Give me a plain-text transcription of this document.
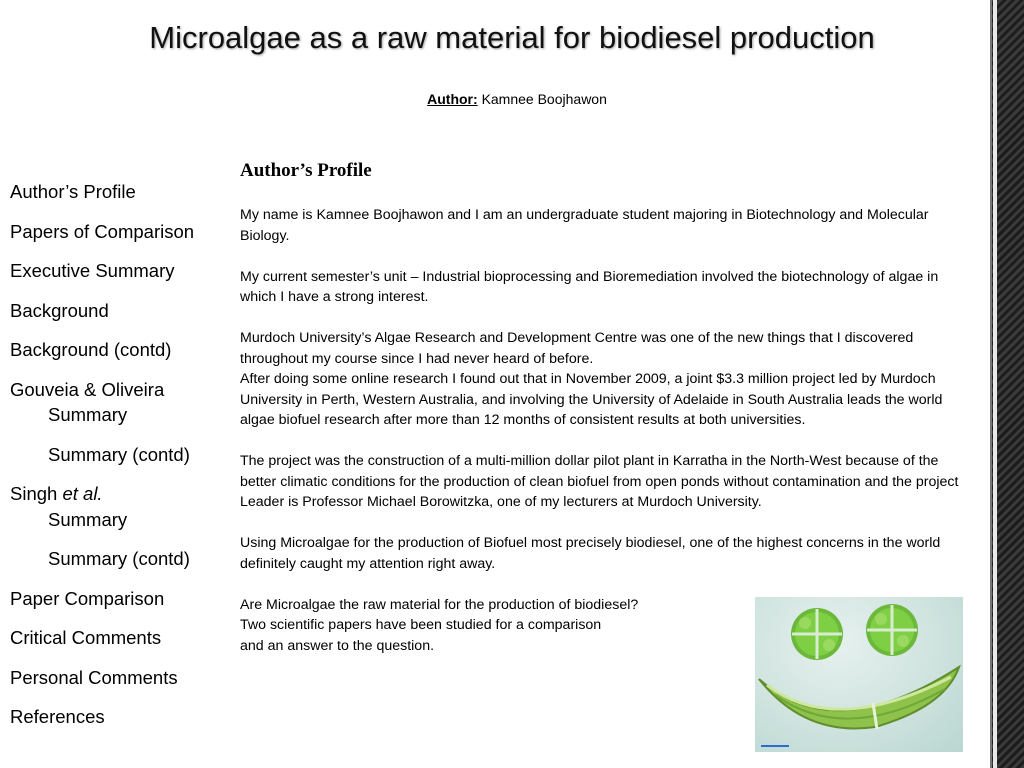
Microalgae as a raw material for biodiesel production
Author: Kamnee Boojhawon
Author’s Profile
Papers of Comparison
Executive Summary
Background
Background (contd)
Gouveia & Oliveira
Summary
Summary (contd)
Singh et al.
Summary
Summary (contd)
Paper Comparison
Critical Comments
Personal Comments
References
Author’s Profile

My name is Kamnee Boojhawon and I am an undergraduate student majoring in Biotechnology and Molecular Biology.

My current semester’s unit – Industrial bioprocessing and Bioremediation involved the biotechnology of algae in which I have a strong interest.

Murdoch University’s Algae Research and Development Centre was one of the new things that I discovered throughout my course since I had never heard of before.

After doing some online research I found out that in November 2009, a joint $3.3 million project led by Murdoch University in Perth, Western Australia, and involving the University of Adelaide in South Australia leads the world algae biofuel research after more than 12 months of consistent results at both universities.

The project was the construction of a multi-million dollar pilot plant in Karratha in the North-West because of the better climatic conditions for the production of clean biofuel from open ponds without contamination and the project Leader is Professor Michael Borowitzka, one of my lecturers at Murdoch University.

Using Microalgae for the production of Biofuel most precisely biodiesel, one of the highest concerns in the world definitely caught my attention right away.

Are Microalgae the raw material for the production of biodiesel?

Two scientific papers have been studied for a comparison

and an answer to the question.
